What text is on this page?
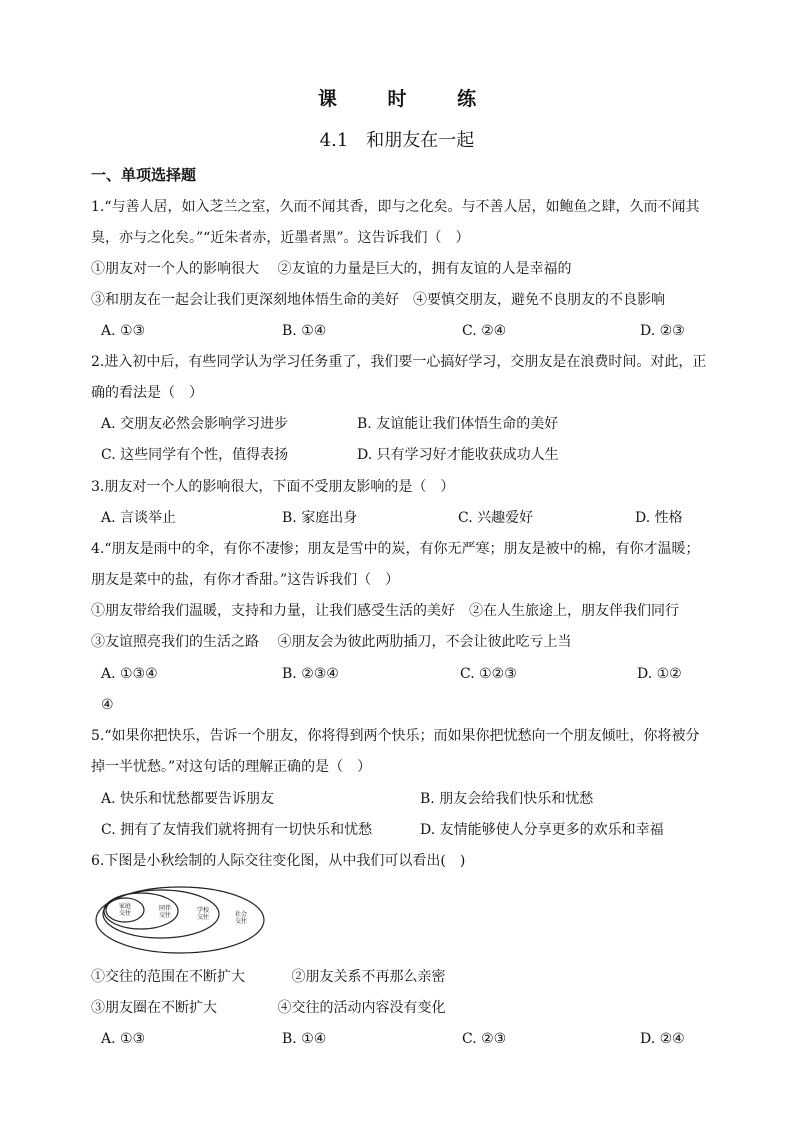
课 时 练
4.1　和朋友在一起
一、单项选择题
1.“与善人居，如入芝兰之室，久而不闻其香，即与之化矣。与不善人居，如鲍鱼之肆，久而不闻其
臭，亦与之化矣。”“近朱者赤，近墨者黑”。这告诉我们（　）
①朋友对一个人的影响很大　 ②友谊的力量是巨大的，拥有友谊的人是幸福的
③和朋友在一起会让我们更深刻地体悟生命的美好　④要慎交朋友，避免不良朋友的不良影响
A. ①③	B. ①④	C. ②④	D. ②③
2.进入初中后，有些同学认为学习任务重了，我们要一心搞好学习，交朋友是在浪费时间。对此，正
确的看法是（　）
A. 交朋友必然会影响学习进步	B. 友谊能让我们体悟生命的美好
C. 这些同学有个性，值得表扬	D. 只有学习好才能收获成功人生
3.朋友对一个人的影响很大，下面不受朋友影响的是（　）
A. 言谈举止	B. 家庭出身	C. 兴趣爱好	D. 性格
4.“朋友是雨中的伞，有你不凄惨；朋友是雪中的炭，有你无严寒；朋友是被中的棉，有你才温暖；
朋友是菜中的盐，有你才香甜。”这告诉我们（　）
①朋友带给我们温暖，支持和力量，让我们感受生活的美好　②在人生旅途上，朋友伴我们同行
③友谊照亮我们的生活之路　 ④朋友会为彼此两肋插刀，不会让彼此吃亏上当
A. ①③④	B. ②③④	C. ①②③	D. ①②
④
5.“如果你把快乐，告诉一个朋友，你将得到两个快乐；而如果你把忧愁向一个朋友倾吐，你将被分
掉一半忧愁。”对这句话的理解正确的是（　）
A. 快乐和忧愁都要告诉朋友	B. 朋友会给我们快乐和忧愁
C. 拥有了友情我们就将拥有一切快乐和忧愁	D. 友情能够使人分享更多的欢乐和幸福
6.下图是小秋绘制的人际交往变化图，从中我们可以看出(　)
家庭交往
同伴交往
学校交往	社会交往
①交往的范围在不断扩大　　　 ②朋友关系不再那么亲密
③朋友圈在不断扩大　　　　 ④交往的活动内容没有变化
A. ①③	B. ①④	C. ②③	D. ②④
